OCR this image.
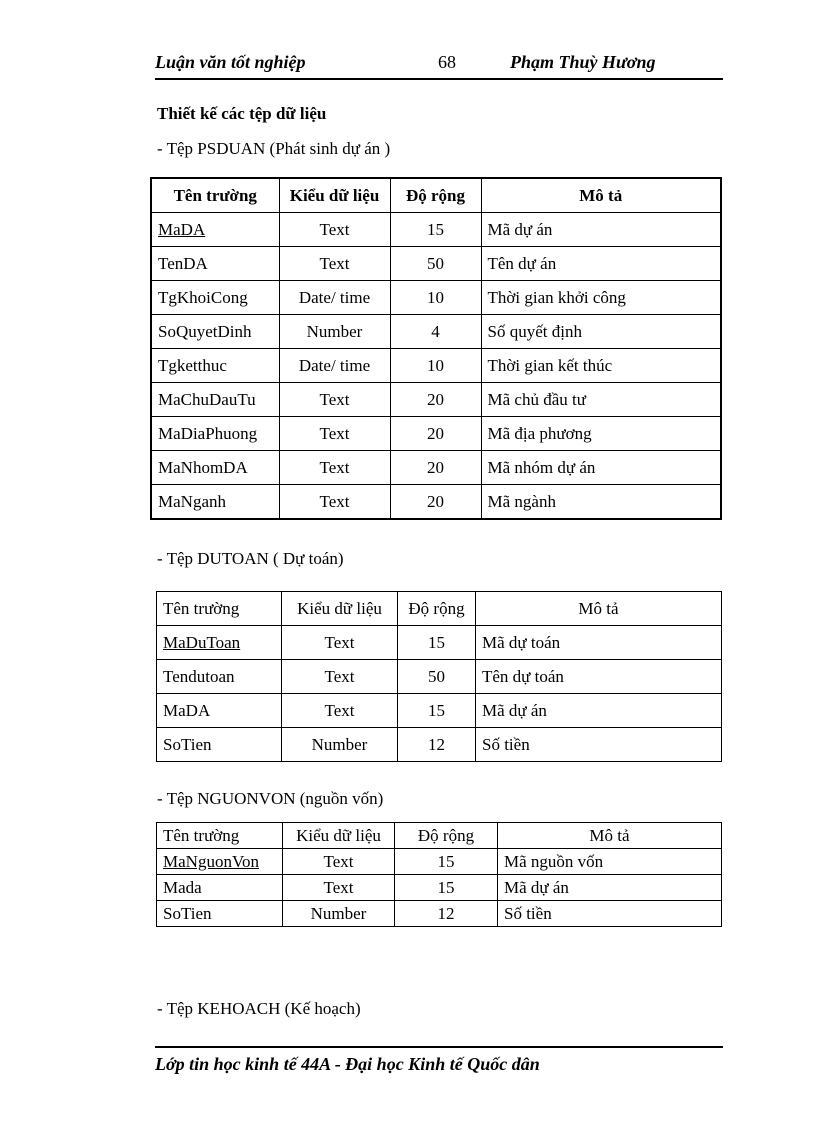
Luận văn tốt nghiệp	68	Phạm Thuỳ Hương
Thiết kế các tệp dữ liệu
- Tệp PSDUAN (Phát sinh dự án )
Tên trường	Kiểu dữ liệu	Độ rộng	Mô tả
MaDA	Text	15	Mã dự án
TenDA	Text	50	Tên dự án
TgKhoiCong	Date/ time	10	Thời gian khởi công
SoQuyetDinh	Number	4	Số quyết định
Tgketthuc	Date/ time	10	Thời gian kết thúc
MaChuDauTu	Text	20	Mã chủ đầu tư
MaDiaPhuong	Text	20	Mã địa phương
MaNhomDA	Text	20	Mã nhóm dự án
MaNganh	Text	20	Mã ngành
- Tệp DUTOAN ( Dự toán)
Tên trường	Kiểu dữ liệu	Độ rộng	Mô tả
MaDuToan	Text	15	Mã dự toán
Tendutoan	Text	50	Tên dự toán
MaDA	Text	15	Mã dự án
SoTien	Number	12	Số tiền
- Tệp NGUONVON (nguồn vốn)
Tên trường	Kiểu dữ liệu	Độ rộng	Mô tả
MaNguonVon	Text	15	Mã nguồn vốn
Mada	Text	15	Mã dự án
SoTien	Number	12	Số tiền
- Tệp KEHOACH (Kế hoạch)
Lớp tin học kinh tế 44A - Đại học Kinh tế Quốc dân
